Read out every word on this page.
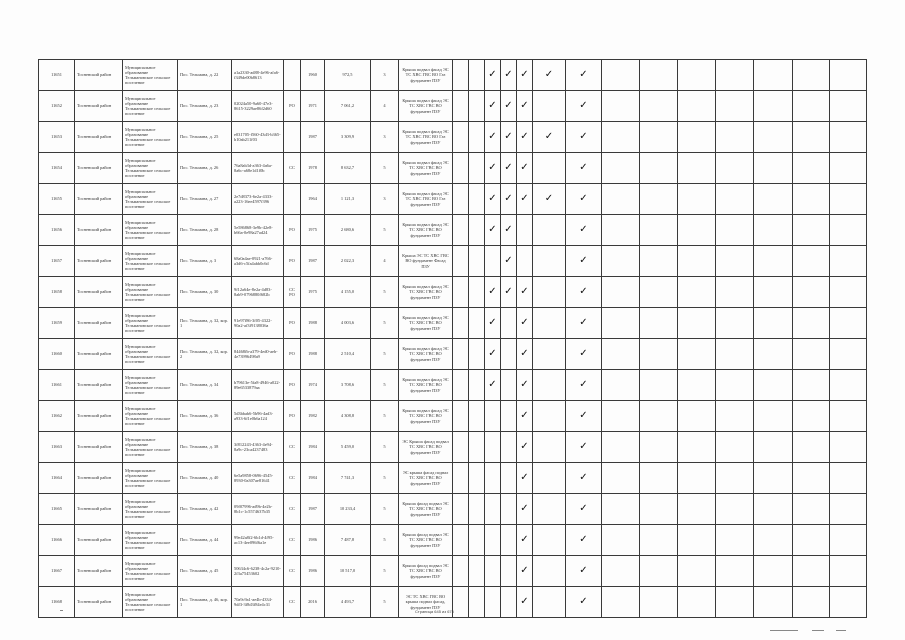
11651	Тосненский район	Муниципальное образование Тельмановское сельское поселение	Пос. Тельмана, д. 22	a1a2330-ad88-4e96-afa6-f349de00b8613		1960	972,5	3	Крыша подвал фасад ЭС ТС ХВС ГВС ВО Газ фундамент ПЗУ			✓	✓	✓	✓	✓							
11652	Тосненский район	Муниципальное образование Тельмановское сельское поселение	Пос. Тельмана, д. 23	02024a50-9a60-47e3-8615-3229ae86f2d60	РО	1971	7 061,2	4	Крыша подвал фасад ЭС ТС ХВС ГВС ВО фундамент ПЗУ			✓	✓	✓		✓							
11653	Тосненский район	Муниципальное образование Тельмановское сельское поселение	Пос. Тельмана, д. 25	e031705-f560-43d3-b365-b10ab211f03		1987	3 309,9	3	Крыша подвал фасад ЭС ТС ХВС ГВС ВО Газ фундамент ПЗУ			✓	✓	✓	✓	✓							
11654	Тосненский район	Муниципальное образование Тельмановское сельское поселение	Пос. Тельмана, д. 26	76a8ab3d-a363-4a6a-8a6c-a68e1d1f0b	СС	1978	8 632,7	5	Крыша подвал фасад ЭС ТС ХВС ГВС ВО фундамент ПЗУ			✓	✓	✓		✓							
11655	Тосненский район	Муниципальное образование Тельмановское сельское поселение	Пос. Тельмана, д. 27	2e7d8373-6e2a-4333-a223-16ee4597f396		1964	1 121,3	3	Крыша подвал фасад ЭС ТС ХВС ГВС ВО Газ фундамент ПЗУ			✓	✓	✓	✓	✓							
11656	Тосненский район	Муниципальное образование Тельмановское сельское поселение	Пос. Тельмана, д. 28	5e586868-3e9b-42e8-b66a-0e98a27ad24	РО	1975	2 680,6	5	Крыша подвал фасад ЭС ТС ХВС ГВС ВО фундамент ПЗУ			✓	✓			✓							
11657	Тосненский район	Муниципальное образование Тельмановское сельское поселение	Пос. Тельмана, д. 3	68a0a4ae-0921-a766-a3d6-c5fa4abb0c6d	РО	1987	2 022,3	4	Крыша ЭС ТС ХВС ГВС ВО фундамент Фасад ПЗУ				✓			✓							
11658	Тосненский район	Муниципальное образование Тельмановское сельское поселение	Пос. Тельмана, д. 30	9f12a64e-8e2a-4d83-8ab9-0796880f682b	СС РО	1975	4 155,0	5	Крыша подвал фасад ЭС ТС ХВС ГВС ВО фундамент ПЗУ			✓	✓	✓		✓							
11659	Тосненский район	Муниципальное образование Тельмановское сельское поселение	Пос. Тельмана, д. 32, кор. 1	91e97f86-3f05-4322-90a2-af3f9138036a	РО	1988	4 003,6	5	Крыша подвал фасад ЭС ТС ХВС ГВС ВО фундамент ПЗУ			✓		✓		✓							
11660	Тосненский район	Муниципальное образование Тельмановское сельское поселение	Пос. Тельмана, д. 32, кор. 2	84468fb-a379-4ed0-aeb-4e73996498a9	РО	1988	2 510,4	5	Крыша подвал фасад ЭС ТС ХВС ГВС ВО фундамент ПЗУ			✓		✓		✓							
11661	Тосненский район	Муниципальное образование Тельмановское сельское поселение	Пос. Тельмана, д. 34	b79613e-5fa8-4946-a022-89e6533879aa	РО	1974	3 708,6	5	Крыша подвал фасад ЭС ТС ХВС ГВС ВО фундамент ПЗУ			✓		✓		✓							
11662	Тосненский район	Муниципальное образование Тельмановское сельское поселение	Пос. Тельмана, д. 36	5d3bbab6-5b96-4ad3-a933-6f1e0b6a124	РО	1982	4 308,8	5	Крыша подвал фасад ЭС ТС ХВС ГВС ВО фундамент ПЗУ					✓		✓							
11663	Тосненский район	Муниципальное образование Тельмановское сельское поселение	Пос. Тельмана, д. 38	3f812243-4363-4e94-8a9c-23ca4237483	СС	1984	5 459,0	5	ЭС Крыша фасад подвал ТС ХВС ГВС ВО фундамент ПЗУ					✓		✓							
11664	Тосненский район	Муниципальное образование Тельмановское сельское поселение	Пос. Тельмана, д. 40	6e5a9858-0696-4545-8930-0a307ae81641	СС	1984	7 741,3	5	ЭС крыша фасад подвал ТС ХВС ГВС ВО фундамент ПЗУ					✓		✓							
11665	Тосненский район	Муниципальное образование Тельмановское сельское поселение	Пос. Тельмана, д. 42	09f07996-ad9b-4e2b-8b1c-1c5574637b35	СС	1987	10 233,4	5	Крыша фасад подвал ЭС ТС ХВС ГВС ВО фундамент ПЗУ					✓		✓							
11666	Тосненский район	Муниципальное образование Тельмановское сельское поселение	Пос. Тельмана, д. 44	99e42a8f2-6b1d-4f95-ac13-4ee096f6a1e	СС	1986	7 487,8	5	Крыша фасад подвал ЭС ТС ХВС ГВС ВО фундамент ПЗУ					✓		✓							
11667	Тосненский район	Муниципальное образование Тельмановское сельское поселение	Пос. Тельмана, д. 45	50634c6-6238-4c2a-9210-2f3a75453602	СС	1986	10 517,0	5	Крыша фасад подвал ЭС ТС ХВС ГВС ВО фундамент ПЗУ					✓		✓							
11668	Тосненский район	Муниципальное образование Тельмановское сельское поселение	Пос. Тельмана, д. 46, кор. 1	70a9c9a1-ae4b-4334-9df3-3f8d3f84e4c31	СС	2016	4 493,7	5	ЭС ТС ХВС ГВС ВО крыша подвал фасад, фундамент ПЗУ					✓		✓							
Страница 645 из 675
